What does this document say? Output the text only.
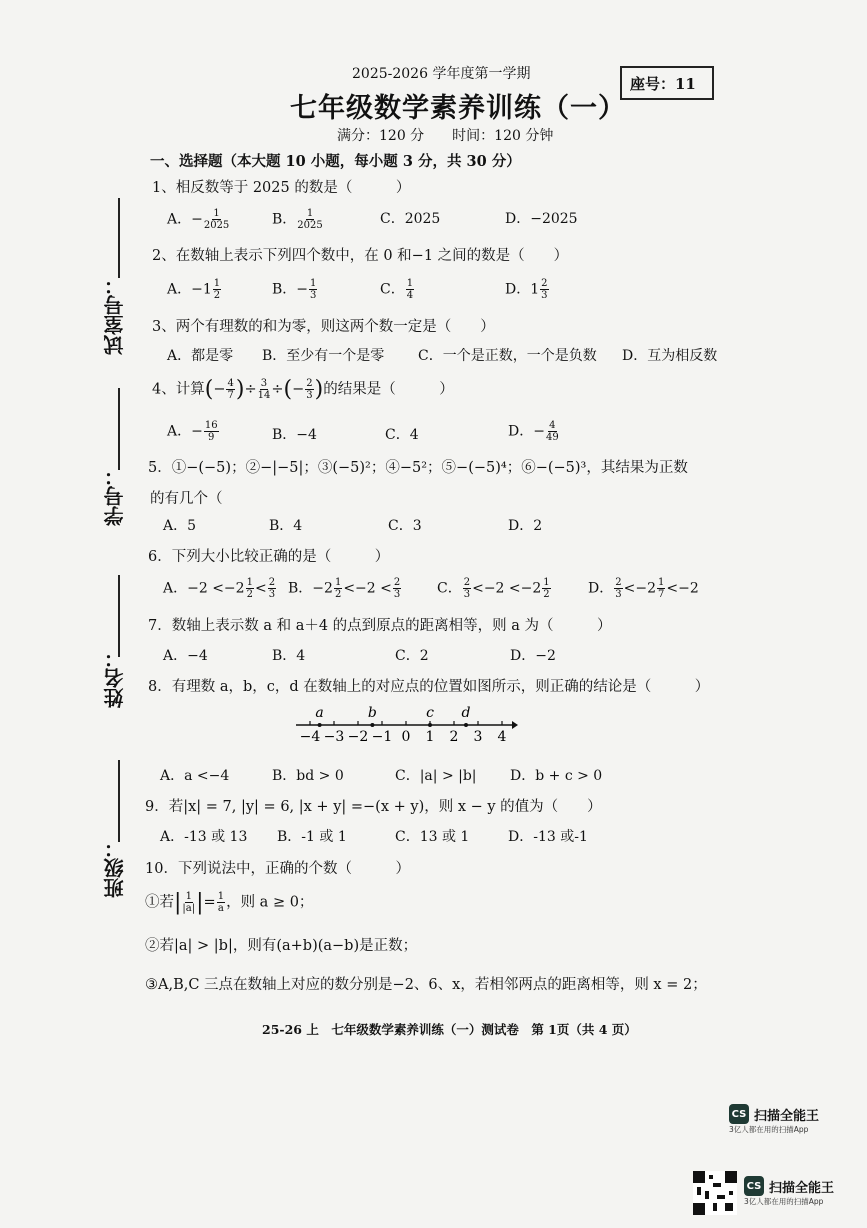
2025-2026 学年度第一学期
七年级数学素养训练（一）
满分：120 分　　时间：120 分钟
座号：11
试室号：
学号：
姓名：
班级：
一、选择题（本大题 10 小题，每小题 3 分，共 30 分）
1、相反数等于 2025 的数是（　　　）
A．− $\frac{1}{2025}$	B． $\frac{1}{2025}$	C．2025	D．−2025
2、在数轴上表示下列四个数中，在 0 和−1 之间的数是（　　）
A．$-1 \frac{1}{2}$	B．− $\frac{1}{3}$	C． $\frac{1}{4}$	D．$1 \frac{2}{3}$
3、两个有理数的和为零，则这两个数一定是（　　）
A．都是零 B．至少有一个是零 C．一个是正数，一个是负数 D．互为相反数
4、计算(− $\frac{4}{7}$ )÷ $\frac{3}{14}$ ÷(− $\frac{2}{3}$ )的结果是（　　　）
A．− $\frac{16}{9}$	B．−4	C．4	D．− $\frac{4}{49}$
5．①−(−5)；②−|−5|；③(−5)²；④−5²；⑤−(−5)⁴；⑥−(−5)³，其结果为正数
的有几个（
A．5	B．4	C．3	D．2
6．下列大小比较正确的是（　　　）
A．$-2 <-2 \frac{1}{2} < \frac{2}{3}$ B．$-2 \frac{1}{2} <-2 < \frac{2}{3}$	C． $\frac{2}{3} <-2 <-2 \frac{1}{2}$	D． $\frac{2}{3} <-2 \frac{1}{7} <-2$
7．数轴上表示数 a 和 a＋4 的点到原点的距离相等，则 a 为（　　　）
A．−4	B．4	C．2	D．−2
8．有理数 a，b，c，d 在数轴上的对应点的位置如图所示，则正确的结论是（　　　）
−4 −3 −2 −1 0 1 2 3 4
a	b	c d
A．a <−4	B．bd > 0	C．|a| > |b| D．b + c > 0
9．若|x| = 7, |y| = 6, |x + y| =−(x + y)，则 x − y 的值为（　　）
A．-13 或 13 B．-1 或 1	C．13 或 1	D．-13 或-1
10．下列说法中，正确的个数（　　　）
①若| $\frac{1}{|a|}$ |= $\frac{1}{a}$ ，则 a ≥ 0；
②若|a| > |b|，则有(a+b)(a−b)是正数；
③A,B,C 三点在数轴上对应的数分别是−2、6、x，若相邻两点的距离相等，则 x = 2；
25-26 上　七年级数学素养训练（一）测试卷　第 1页（共 4 页）
CS 扫描全能王
3亿人都在用的扫描App
CS 扫描全能王
3亿人都在用的扫描App
